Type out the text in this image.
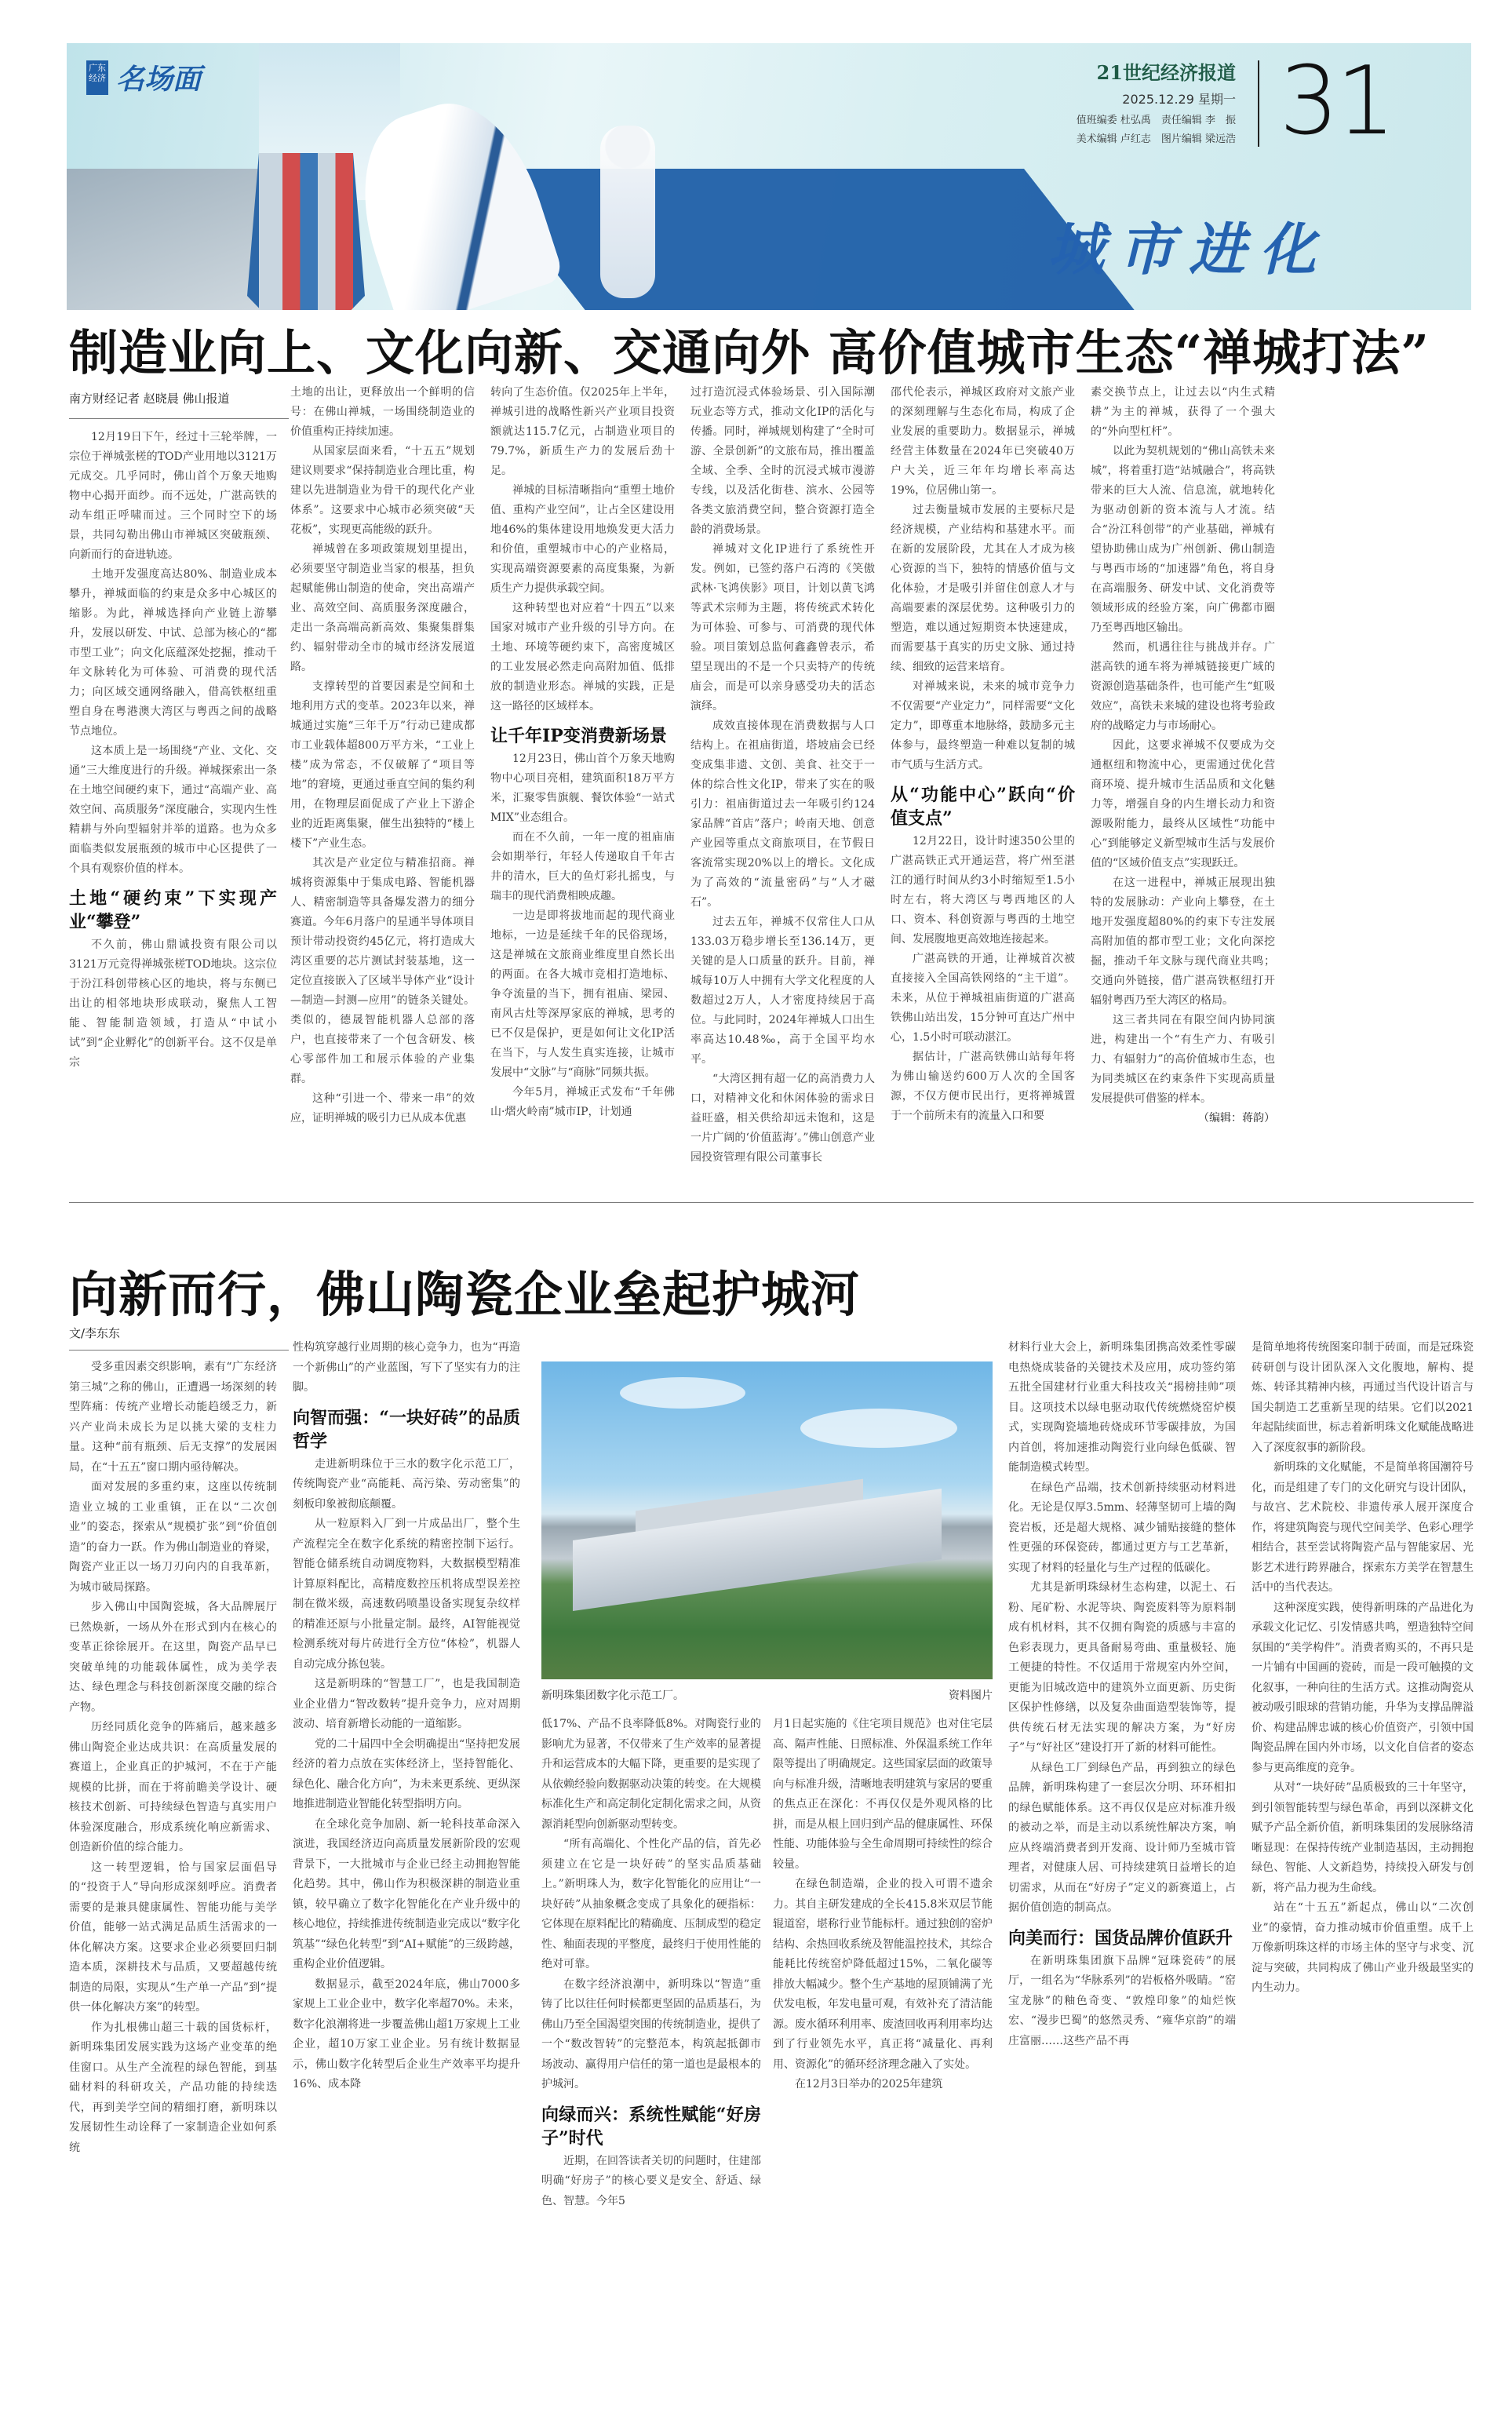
广东经济 名场面	21世纪经济报道
2025.12.29 星期一
值班编委 杜弘禹　责任编辑 李　振
美术编辑 卢红志　图片编辑 梁远浩 31
城市进化
制造业向上、文化向新、交通向外 高价值城市生态“禅城打法”
南方财经记者 赵晓晨 佛山报道	土地的出让，更释放出一个鲜明的信号：在佛山禅城，一场围绕制造业的价值重构正持续加速。

从国家层面来看，“十五五”规划建议则要求“保持制造业合理比重，构建以先进制造业为骨干的现代化产业体系”。这要求中心城市必须突破“天花板”，实现更高能级的跃升。

禅城曾在多项政策规划里提出，必须要坚守制造业当家的根基，担负起赋能佛山制造的使命，突出高端产业、高效空间、高质服务深度融合，走出一条高端高新高效、集聚集群集约、辐射带动全市的城市经济发展道路。

支撑转型的首要因素是空间和土地利用方式的变革。2023年以来，禅城通过实施“三年千万”行动已建成都市工业载体超800万平方米，“工业上楼”成为常态，不仅破解了“项目等地”的窘境，更通过垂直空间的集约利用，在物理层面促成了产业上下游企业的近距离集聚，催生出独特的“楼上楼下”产业生态。

其次是产业定位与精准招商。禅城将资源集中于集成电路、智能机器人、精密制造等具备爆发潜力的细分赛道。今年6月落户的星通半导体项目预计带动投资约45亿元，将打造成大湾区重要的芯片测试封装基地，这一定位直接嵌入了区域半导体产业“设计—制造—封测—应用”的链条关键处。类似的，德晟智能机器人总部的落户，也直接带来了一个包含研发、核心零部件加工和展示体验的产业集群。

这种“引进一个、带来一串”的效应，证明禅城的吸引力已从成本优惠

转向了生态价值。仅2025年上半年，禅城引进的战略性新兴产业项目投资额就达115.7亿元，占制造业项目的79.7%，新质生产力的发展后劲十足。

禅城的目标清晰指向“重塑土地价值、重构产业空间”，让占全区建设用地46%的集体建设用地焕发更大活力和价值，重塑城市中心的产业格局，实现高端资源要素的高度集聚，为新质生产力提供承载空间。

这种转型也对应着“十四五”以来国家对城市产业升级的引导方向。在土地、环境等硬约束下，高密度城区的工业发展必然走向高附加值、低排放的制造业形态。禅城的实践，正是这一路径的区域样本。

让千年IP变消费新场景

12月23日，佛山首个万象天地购物中心项目亮相，建筑面积18万平方米，汇聚零售旗舰、餐饮体验“一站式MIX”业态组合。

而在不久前，一年一度的祖庙庙会如期举行，年轻人传递取自千年古井的清水，巨大的鱼灯彩扎摇曳，与瑞丰的现代消费相映成趣。

一边是即将拔地而起的现代商业地标，一边是延续千年的民俗现场，这是禅城在文旅商业维度里自然长出的两面。在各大城市竞相打造地标、争夺流量的当下，拥有祖庙、梁园、南风古灶等深厚家底的禅城，思考的已不仅是保护，更是如何让文化IP活在当下，与人发生真实连接，让城市发展中“文脉”与“商脉”同频共振。

今年5月，禅城正式发布“千年佛山·熠火岭南”城市IP，计划通

过打造沉浸式体验场景、引入国际潮玩业态等方式，推动文化IP的活化与传播。同时，禅城规划构建了“全时可游、全景创新”的文旅布局，推出覆盖全域、全季、全时的沉浸式城市漫游专线，以及活化街巷、滨水、公园等各类文旅消费空间，整合资源打造全龄的消费场景。

禅城对文化IP进行了系统性开发。例如，已签约落户石湾的《笑傲武林·飞鸿侠影》项目，计划以黄飞鸿等武术宗师为主题，将传统武术转化为可体验、可参与、可消费的现代体验。项目策划总监何鑫鑫曾表示，希望呈现出的不是一个只卖特产的传统庙会，而是可以亲身感受功夫的活态演绎。

成效直接体现在消费数据与人口结构上。在祖庙街道，塔坡庙会已经变成集非遗、文创、美食、社交于一体的综合性文化IP，带来了实在的吸引力：祖庙街道过去一年吸引约124家品牌“首店”落户；岭南天地、创意产业园等重点文商旅项目，在节假日客流常实现20%以上的增长。文化成为了高效的“流量密码”与“人才磁石”。

过去五年，禅城不仅常住人口从133.03万稳步增长至136.14万，更关键的是人口质量的跃升。目前，禅城每10万人中拥有大学文化程度的人数超过2万人，人才密度持续居于高位。与此同时，2024年禅城人口出生率高达10.48‰，高于全国平均水平。

“大湾区拥有超一亿的高消费力人口，对精神文化和休闲体验的需求日益旺盛，相关供给却远未饱和，这是一片广阔的‘价值蓝海’。”佛山创意产业园投资管理有限公司董事长

邵代伦表示，禅城区政府对文旅产业的深刻理解与生态化布局，构成了企业发展的重要助力。数据显示，禅城经营主体数量在2024年已突破40万户大关，近三年年均增长率高达19%，位居佛山第一。

过去衡量城市发展的主要标尺是经济规模，产业结构和基建水平。而在新的发展阶段，尤其在人才成为核心资源的当下，独特的情感价值与文化体验，才是吸引并留住创意人才与高端要素的深层优势。这种吸引力的塑造，难以通过短期资本快速建成，而需要基于真实的历史文脉、通过持续、细致的运营来培育。

对禅城来说，未来的城市竞争力不仅需要“产业定力”，同样需要“文化定力”，即尊重本地脉络，鼓励多元主体参与，最终塑造一种难以复制的城市气质与生活方式。

从“功能中心”跃向“价值支点”

12月22日，设计时速350公里的广湛高铁正式开通运营，将广州至湛江的通行时间从约3小时缩短至1.5小时左右，将大湾区与粤西地区的人口、资本、科创资源与粤西的土地空间、发展腹地更高效地连接起来。

广湛高铁的开通，让禅城首次被直接接入全国高铁网络的“主干道”。未来，从位于禅城祖庙街道的广湛高铁佛山站出发，15分钟可直达广州中心，1.5小时可联动湛江。

据估计，广湛高铁佛山站每年将为佛山输送约600万人次的全国客源，不仅方便市民出行，更将禅城置于一个前所未有的流量入口和要

素交换节点上，让过去以“内生式精耕”为主的禅城，获得了一个强大的“外向型杠杆”。

以此为契机规划的“佛山高铁未来城”，将着重打造“站城融合”，将高铁带来的巨大人流、信息流，就地转化为驱动创新的资本流与人才流。结合“汾江科创带”的产业基础，禅城有望协助佛山成为广州创新、佛山制造与粤西市场的“加速器”角色，将自身在高端服务、研发中试、文化消费等领域形成的经验方案，向广佛都市圈乃至粤西地区输出。

然而，机遇往往与挑战并存。广湛高铁的通车将为禅城链接更广域的资源创造基础条件，也可能产生“虹吸效应”，高铁未来城的建设也将考验政府的战略定力与市场耐心。

因此，这要求禅城不仅要成为交通枢纽和物流中心，更需通过优化营商环境、提升城市生活品质和文化魅力等，增强自身的内生增长动力和资源吸附能力，最终从区域性“功能中心”到能够定义新型城市生活与发展价值的“区域价值支点”实现跃迁。

在这一进程中，禅城正展现出独特的发展脉动：产业向上攀登，在土地开发强度超80%的约束下专注发展高附加值的都市型工业；文化向深挖掘，推动千年文脉与现代商业共鸣；交通向外链接，借广湛高铁枢纽打开辐射粤西乃至大湾区的格局。

这三者共同在有限空间内协同演进，构建出一个“有生产力、有吸引力、有辐射力”的高价值城市生态，也为同类城区在约束条件下实现高质量发展提供可借鉴的样本。

（编辑：蒋韵）
向新而行，佛山陶瓷企业垒起护城河
文/李东东
新明珠集团数字化示范工厂。	资料图片

受多重因素交织影响，素有“广东经济第三城”之称的佛山，正遭遇一场深刻的转型阵痛：传统产业增长动能趋缓乏力，新兴产业尚未成长为足以挑大梁的支柱力量。这种“前有瓶颈、后无支撑”的发展困局，在“十五五”窗口期内亟待解决。

面对发展的多重约束，这座以传统制造业立城的工业重镇，正在以“二次创业”的姿态，探索从“规模扩张”到“价值创造”的奋力一跃。作为佛山制造业的脊梁，陶瓷产业正以一场刀刃向内的自我革新，为城市破局探路。

步入佛山中国陶瓷城，各大品牌展厅已然焕新，一场从外在形式到内在核心的变革正徐徐展开。在这里，陶瓷产品早已突破单纯的功能载体属性，成为美学表达、绿色理念与科技创新深度交融的综合产物。

历经同质化竞争的阵痛后，越来越多佛山陶瓷企业达成共识：在高质量发展的赛道上，企业真正的护城河，不在于产能规模的比拼，而在于将前瞻美学设计、硬核技术创新、可持续绿色智造与真实用户体验深度融合，形成系统化响应新需求、创造新价值的综合能力。

这一转型逻辑，恰与国家层面倡导的“投资于人”导向形成深刻呼应。消费者需要的是兼具健康属性、智能功能与美学价值，能够一站式满足品质生活需求的一体化解决方案。这要求企业必须要回归制造本质，深耕技术与品质，又要超越传统制造的局限，实现从“生产单一产品”到“提供一体化解决方案”的转型。

作为扎根佛山超三十载的国货标杆，新明珠集团发展实践为这场产业变革的绝佳窗口。从生产全流程的绿色智能，到基础材料的科研攻关，产品功能的持续迭代，再到美学空间的精细打磨，新明珠以发展韧性生动诠释了一家制造企业如何系统

性构筑穿越行业周期的核心竞争力，也为“再造一个新佛山”的产业蓝图，写下了坚实有力的注脚。

向智而强：“一块好砖”的品质哲学

走进新明珠位于三水的数字化示范工厂，传统陶瓷产业“高能耗、高污染、劳动密集”的刻板印象被彻底颠覆。

从一粒原料入厂到一片成品出厂，整个生产流程完全在数字化系统的精密控制下运行。智能仓储系统自动调度物料，大数据模型精准计算原料配比，高精度数控压机将成型误差控制在微米级，高速数码喷墨设备实现复杂纹样的精准还原与小批量定制。最终，AI智能视觉检测系统对每片砖进行全方位“体检”，机器人自动完成分拣包装。

这是新明珠的“智慧工厂”，也是我国制造业企业借力“智改数转”提升竞争力，应对周期波动、培育新增长动能的一道缩影。

党的二十届四中全会明确提出“坚持把发展经济的着力点放在实体经济上，坚持智能化、绿色化、融合化方向”，为未来更系统、更纵深地推进制造业智能化转型指明方向。

在全球化竞争加剧、新一轮科技革命深入演进，我国经济迈向高质量发展新阶段的宏观背景下，一大批城市与企业已经主动拥抱智能化趋势。其中，佛山作为积极深耕的制造业重镇，较早确立了数字化智能化在产业升级中的核心地位，持续推进传统制造业完成以“数字化筑基”“绿色化转型”到“AI+赋能”的三级跨越，重构企业价值逻辑。

数据显示，截至2024年底，佛山7000多家规上工业企业中，数字化率超70%。未来，数字化浪潮将进一步覆盖佛山超1万家规上工业企业，超10万家工业企业。另有统计数据显示，佛山数字化转型后企业生产效率平均提升16%、成本降

低17%、产品不良率降低8%。对陶瓷行业的影响尤为显著，不仅带来了生产效率的显著提升和运营成本的大幅下降，更重要的是实现了从依赖经验向数据驱动决策的转变。在大规模标准化生产和高定制化定制化需求之间，从资源消耗型向创新驱动型转变。

“所有高端化、个性化产品的信，首先必须建立在它是一块好砖”的坚实品质基础上。”新明珠人为，数字化智能化的应用让“一块好砖”从抽象概念变成了具象化的硬指标：它体现在原料配比的精确度、压制成型的稳定性、釉面表现的平整度，最终归于使用性能的绝对可靠。

在数字经济浪潮中，新明珠以“智造”重铸了比以往任何时候都更坚固的品质基石，为佛山乃至全国渴望突围的传统制造业，提供了一个“数改智转”的完整范本，构筑起抵御市场波动、赢得用户信任的第一道也是最根本的护城河。

向绿而兴：系统性赋能“好房子”时代

近期，在回答读者关切的问题时，住建部明确“好房子”的核心要义是安全、舒适、绿色、智慧。今年5

月1日起实施的《住宅项目规范》也对住宅层高、隔声性能、日照标准、外保温系统工作年限等提出了明确规定。这些国家层面的政策导向与标准升级，清晰地表明建筑与家居的要重的焦点正在深化：不再仅仅是外观风格的比拼，而是从根上回归到产品的健康属性、环保性能、功能体验与全生命周期可持续性的综合较量。

在绿色制造端，企业的投入可谓不遗余力。其自主研发建成的全长415.8米双层节能辊道窑，堪称行业节能标杆。通过独创的窑炉结构、余热回收系统及智能温控技术，其综合能耗比传统窑炉降低超过15%，二氧化碳等排放大幅减少。整个生产基地的屋顶铺满了光伏发电板，年发电量可观，有效补充了清洁能源。废水循环利用率、废渣回收再利用率均达到了行业领先水平，真正将“减量化、再利用、资源化”的循环经济理念融入了实处。

在12月3日举办的2025年建筑

材料行业大会上，新明珠集团携高效柔性零碳电热烧成装备的关键技术及应用，成功签约第五批全国建材行业重大科技攻关“揭榜挂帅”项目。这项技术以绿电驱动取代传统燃烧窑炉模式，实现陶瓷墙地砖烧成环节零碳排放，为国内首创，将加速推动陶瓷行业向绿色低碳、智能制造模式转型。

在绿色产品端，技术创新持续驱动材料进化。无论是仅厚3.5mm、轻薄坚韧可上墙的陶瓷岩板，还是超大规格、减少铺贴接缝的整体性更强的环保瓷砖，都通过更方与工艺革新，实现了材料的轻量化与生产过程的低碳化。

尤其是新明珠绿材生态构建，以泥土、石粉、尾矿粉、水泥等块、陶瓷废料等为原料制成有机材料，其不仅拥有陶瓷的质感与丰富的色彩表现力，更具备耐易弯曲、重量极轻、施工便捷的特性。不仅适用于常规室内外空间，更能为旧城改造中的建筑外立面更新、历史街区保护性修缮，以及复杂曲面造型装饰等，提供传统石材无法实现的解决方案，为“好房子”与“好社区”建设打开了新的材料可能性。

从绿色工厂到绿色产品，再到独立的绿色品牌，新明珠构建了一套层次分明、环环相扣的绿色赋能体系。这不再仅仅是应对标准升级的被动之举，而是主动以系统性解决方案，响应从终端消费者到开发商、设计师乃至城市管理者，对健康人居、可持续建筑日益增长的迫切需求，从而在“好房子”定义的新赛道上，占据价值创造的制高点。

向美而行：国货品牌价值跃升

在新明珠集团旗下品牌“冠珠瓷砖”的展厅，一组名为“华脉系列”的岩板格外吸睛。“窑宝龙脉”的釉色奇变、“敦煌印象”的灿烂恢宏、“漫步巴蜀”的悠然灵秀、“雍华京韵”的端庄富丽……这些产品不再

是简单地将传统图案印制于砖面，而是冠珠瓷砖研创与设计团队深入文化腹地，解构、提炼、转译其精神内核，再通过当代设计语言与国尖制造工艺重新呈现的结果。它们以2021年起陆续面世，标志着新明珠文化赋能战略进入了深度叙事的新阶段。

新明珠的文化赋能，不是简单将国潮符号化，而是组建了专门的文化研究与设计团队，与故宫、艺术院校、非遗传承人展开深度合作，将建筑陶瓷与现代空间美学、色彩心理学相结合，甚至尝试将陶瓷产品与智能家居、光影艺术进行跨界融合，探索东方美学在智慧生活中的当代表达。

这种深度实践，使得新明珠的产品进化为承载文化记忆、引发情感共鸣，塑造独特空间氛围的“美学构件”。消费者购买的，不再只是一片铺有中国画的瓷砖，而是一段可触摸的文化叙事，一种向往的生活方式。这推动陶瓷从被动吸引眼球的营销功能，升华为支撑品牌溢价、构建品牌忠诚的核心价值资产，引领中国陶瓷品牌在国内外市场，以文化自信者的姿态参与更高维度的竞争。

从对“一块好砖”品质极致的三十年坚守，到引领智能转型与绿色革命，再到以深耕文化赋予产品全新价值，新明珠集团的发展脉络清晰显现：在保持传统产业制造基因，主动拥抱绿色、智能、人文新趋势，持续投入研发与创新，将产品力视为生命线。

站在“十五五”新起点，佛山以“二次创业”的豪情，奋力推动城市价值重塑。成千上万像新明珠这样的市场主体的坚守与求变、沉淀与突破，共同构成了佛山产业升级最坚实的内生动力。

12月19日下午，经过十三轮举牌，一宗位于禅城张槎的TOD产业用地以3121万元成交。几乎同时，佛山首个万象天地购物中心揭开面纱。而不远处，广湛高铁的动车组正呼啸而过。三个同时空下的场景，共同勾勒出佛山市禅城区突破瓶颈、向新而行的奋进轨迹。

土地开发强度高达80%、制造业成本攀升，禅城面临的约束是众多中心城区的缩影。为此，禅城选择向产业链上游攀升，发展以研发、中试、总部为核心的“都市型工业”；向文化底蕴深处挖掘，推动千年文脉转化为可体验、可消费的现代活力；向区域交通网络融入，借高铁枢纽重塑自身在粤港澳大湾区与粤西之间的战略节点地位。

这本质上是一场围绕“产业、文化、交通”三大维度进行的升级。禅城探索出一条在土地空间硬约束下，通过“高端产业、高效空间、高质服务”深度融合，实现内生性精耕与外向型辐射并举的道路。也为众多面临类似发展瓶颈的城市中心区提供了一个具有观察价值的样本。

土地“硬约束”下实现产业“攀登”

不久前，佛山鼎诚投资有限公司以3121万元竞得禅城张槎TOD地块。这宗位于汾江科创带核心区的地块，将与东侧已出让的相邻地块形成联动，聚焦人工智能、智能制造领域，打造从“中试小试”到“企业孵化”的创新平台。这不仅是单宗
